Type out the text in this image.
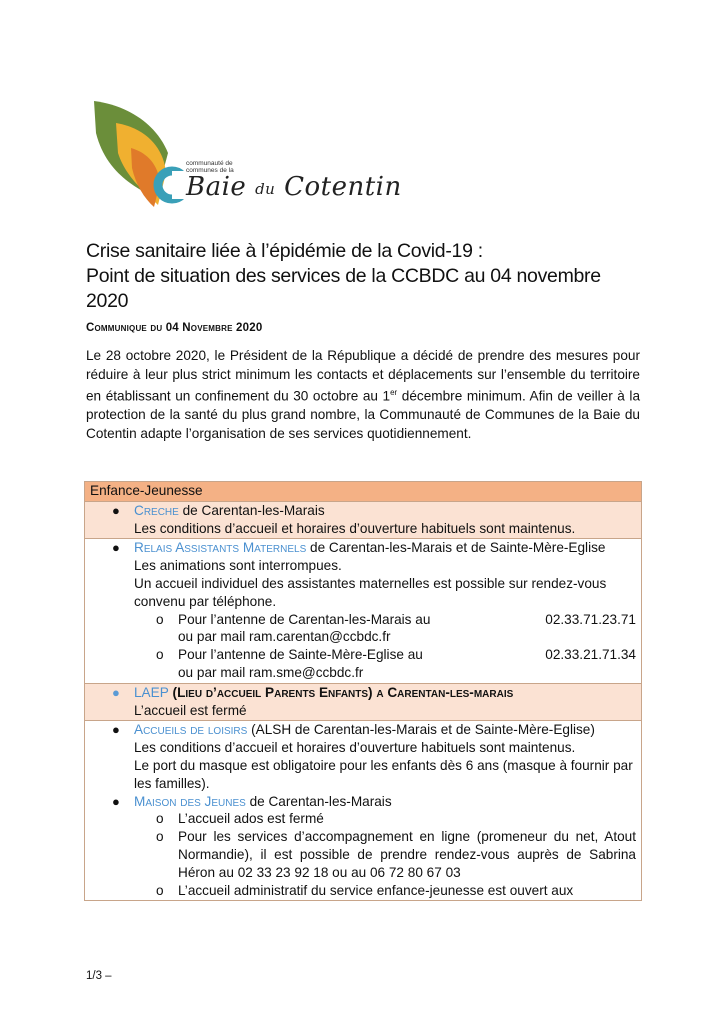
communauté de
communes de la
Baie du Cotentin
Crise sanitaire liée à l’épidémie de la Covid-19 :
Point de situation des services de la CCBDC au 04 novembre 2020
Communique du 04 Novembre 2020
Le 28 octobre 2020, le Président de la République a décidé de prendre des mesures pour réduire à leur plus strict minimum les contacts et déplacements sur l’ensemble du territoire en établissant un confinement du 30 octobre au 1er décembre minimum. Afin de veiller à la protection de la santé du plus grand nombre, la Communauté de Communes de la Baie du Cotentin adapte l’organisation de ses services quotidiennement.
Enfance-Jeunesse

● Creche de Carentan-les-Marais
Les conditions d’accueil et horaires d’ouverture habituels sont maintenus.

● Relais Assistants Maternels de Carentan-les-Marais et de Sainte-Mère-Eglise
Les animations sont interrompues.
Un accueil individuel des assistantes maternelles est possible sur rendez-vous convenu par téléphone.
o Pour l’antenne de Carentan-les-Marais au	02.33.71.23.71
ou par mail ram.carentan@ccbdc.fr
o Pour l’antenne de Sainte-Mère-Eglise au	02.33.21.71.34
ou par mail ram.sme@ccbdc.fr

● LAEP (Lieu d’accueil Parents Enfants) a Carentan-les-marais
L’accueil est fermé

● Accueils de loisirs (ALSH de Carentan-les-Marais et de Sainte-Mère-Eglise)
Les conditions d’accueil et horaires d’ouverture habituels sont maintenus.
Le port du masque est obligatoire pour les enfants dès 6 ans (masque à fournir par les familles).
● Maison des Jeunes de Carentan-les-Marais
o L’accueil ados est fermé
o Pour les services d’accompagnement en ligne (promeneur du net, Atout Normandie), il est possible de prendre rendez-vous auprès de Sabrina Héron au 02 33 23 92 18 ou au 06 72 80 67 03
o L’accueil administratif du service enfance-jeunesse est ouvert aux
1/3 –
